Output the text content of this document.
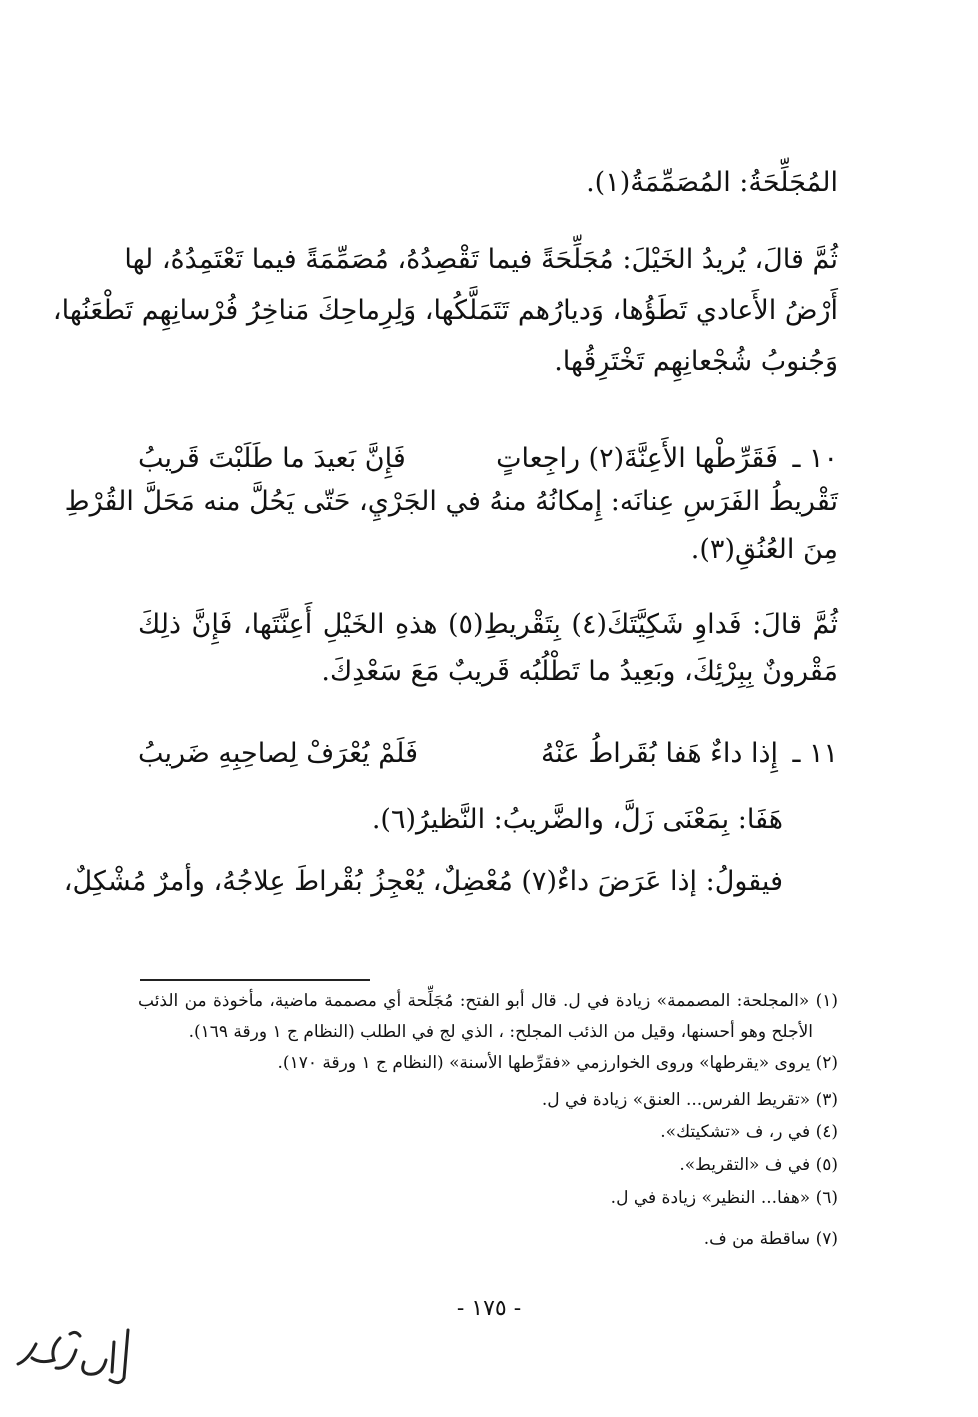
المُجَلِّحَةُ: المُصَمِّمَةُ(١).
ثُمَّ قالَ، يُريدُ الخَيْلَ: مُجَلِّحَةً فيما تَقْصِدُهُ، مُصَمِّمَةً فيما تَعْتَمِدُهُ، لها
أَرْضُ الأَعادي تَطَؤُها، وَديارُهم تَتَمَلَّكُها، وَلِرِماحِكَ مَناخِرُ فُرْسانِهِم تَطْعَنُها،
وَجُنوبُ شُجْعانِهِم تَخْتَرِقُها.
١٠ ـ
فَقَرِّطْها الأَعِنَّةَ(٢) راجِعاتٍ
فَإِنَّ بَعيدَ ما طَلَبْتَ قَريبُ
تَقْريطُ الفَرَسِ عِنانَه: إِمكانُهُ منهُ في الجَرْيِ، حَتّى يَحُلَّ منه مَحَلَّ القُرْطِ
مِنَ العُنُقِ(٣).
ثُمَّ قالَ: فَداوِ شَكِيَّتَكَ(٤) بِتَقْريطِ(٥) هذهِ الخَيْلِ أَعِنَّتَها، فَإِنَّ ذلِكَ
مَقْرونٌ بِبِرْئِكَ، وبَعِيدُ ما تَطْلُبُه قَريبٌ مَعَ سَعْدِكَ.
١١ ـ
إِذا داءٌ هَفا بُقَراطُ عَنْهُ
فَلَمْ يُعْرَفْ لِصاحِبِهِ ضَريبُ
هَفَا: بِمَعْنَى زَلَّ، والضَّريبُ: النَّظيرُ(٦).
فيقولُ: إذا عَرَضَ داءٌ(٧) مُعْضِلٌ، يُعْجِزُ بُقْراطَ عِلاجُهُ، وأمرٌ مُشْكِلٌ،
(١) «المجلحة: المصممة» زيادة في ل. قال أبو الفتح: مُجَلِّحة أي مصممة ماضية، مأخوذة من الذئب
الأجلح وهو أحسنها، وقيل من الذئب المجلح: ، الذي لج في الطلب (النظام ج ١ ورقة ١٦٩).
(٢) يروى «يقرطها» وروى الخوارزمي «فقرِّطها الأسنة» (النظام ج ١ ورقة ١٧٠).
(٣) «تقريط الفرس... العنق» زيادة في ل.
(٤) في ر، ف «تشكيتك».
(٥) في ف «التقريط».
(٦) «هفا... النظير» زيادة في ل.
(٧) ساقطة من ف.
- ١٧٥ -
